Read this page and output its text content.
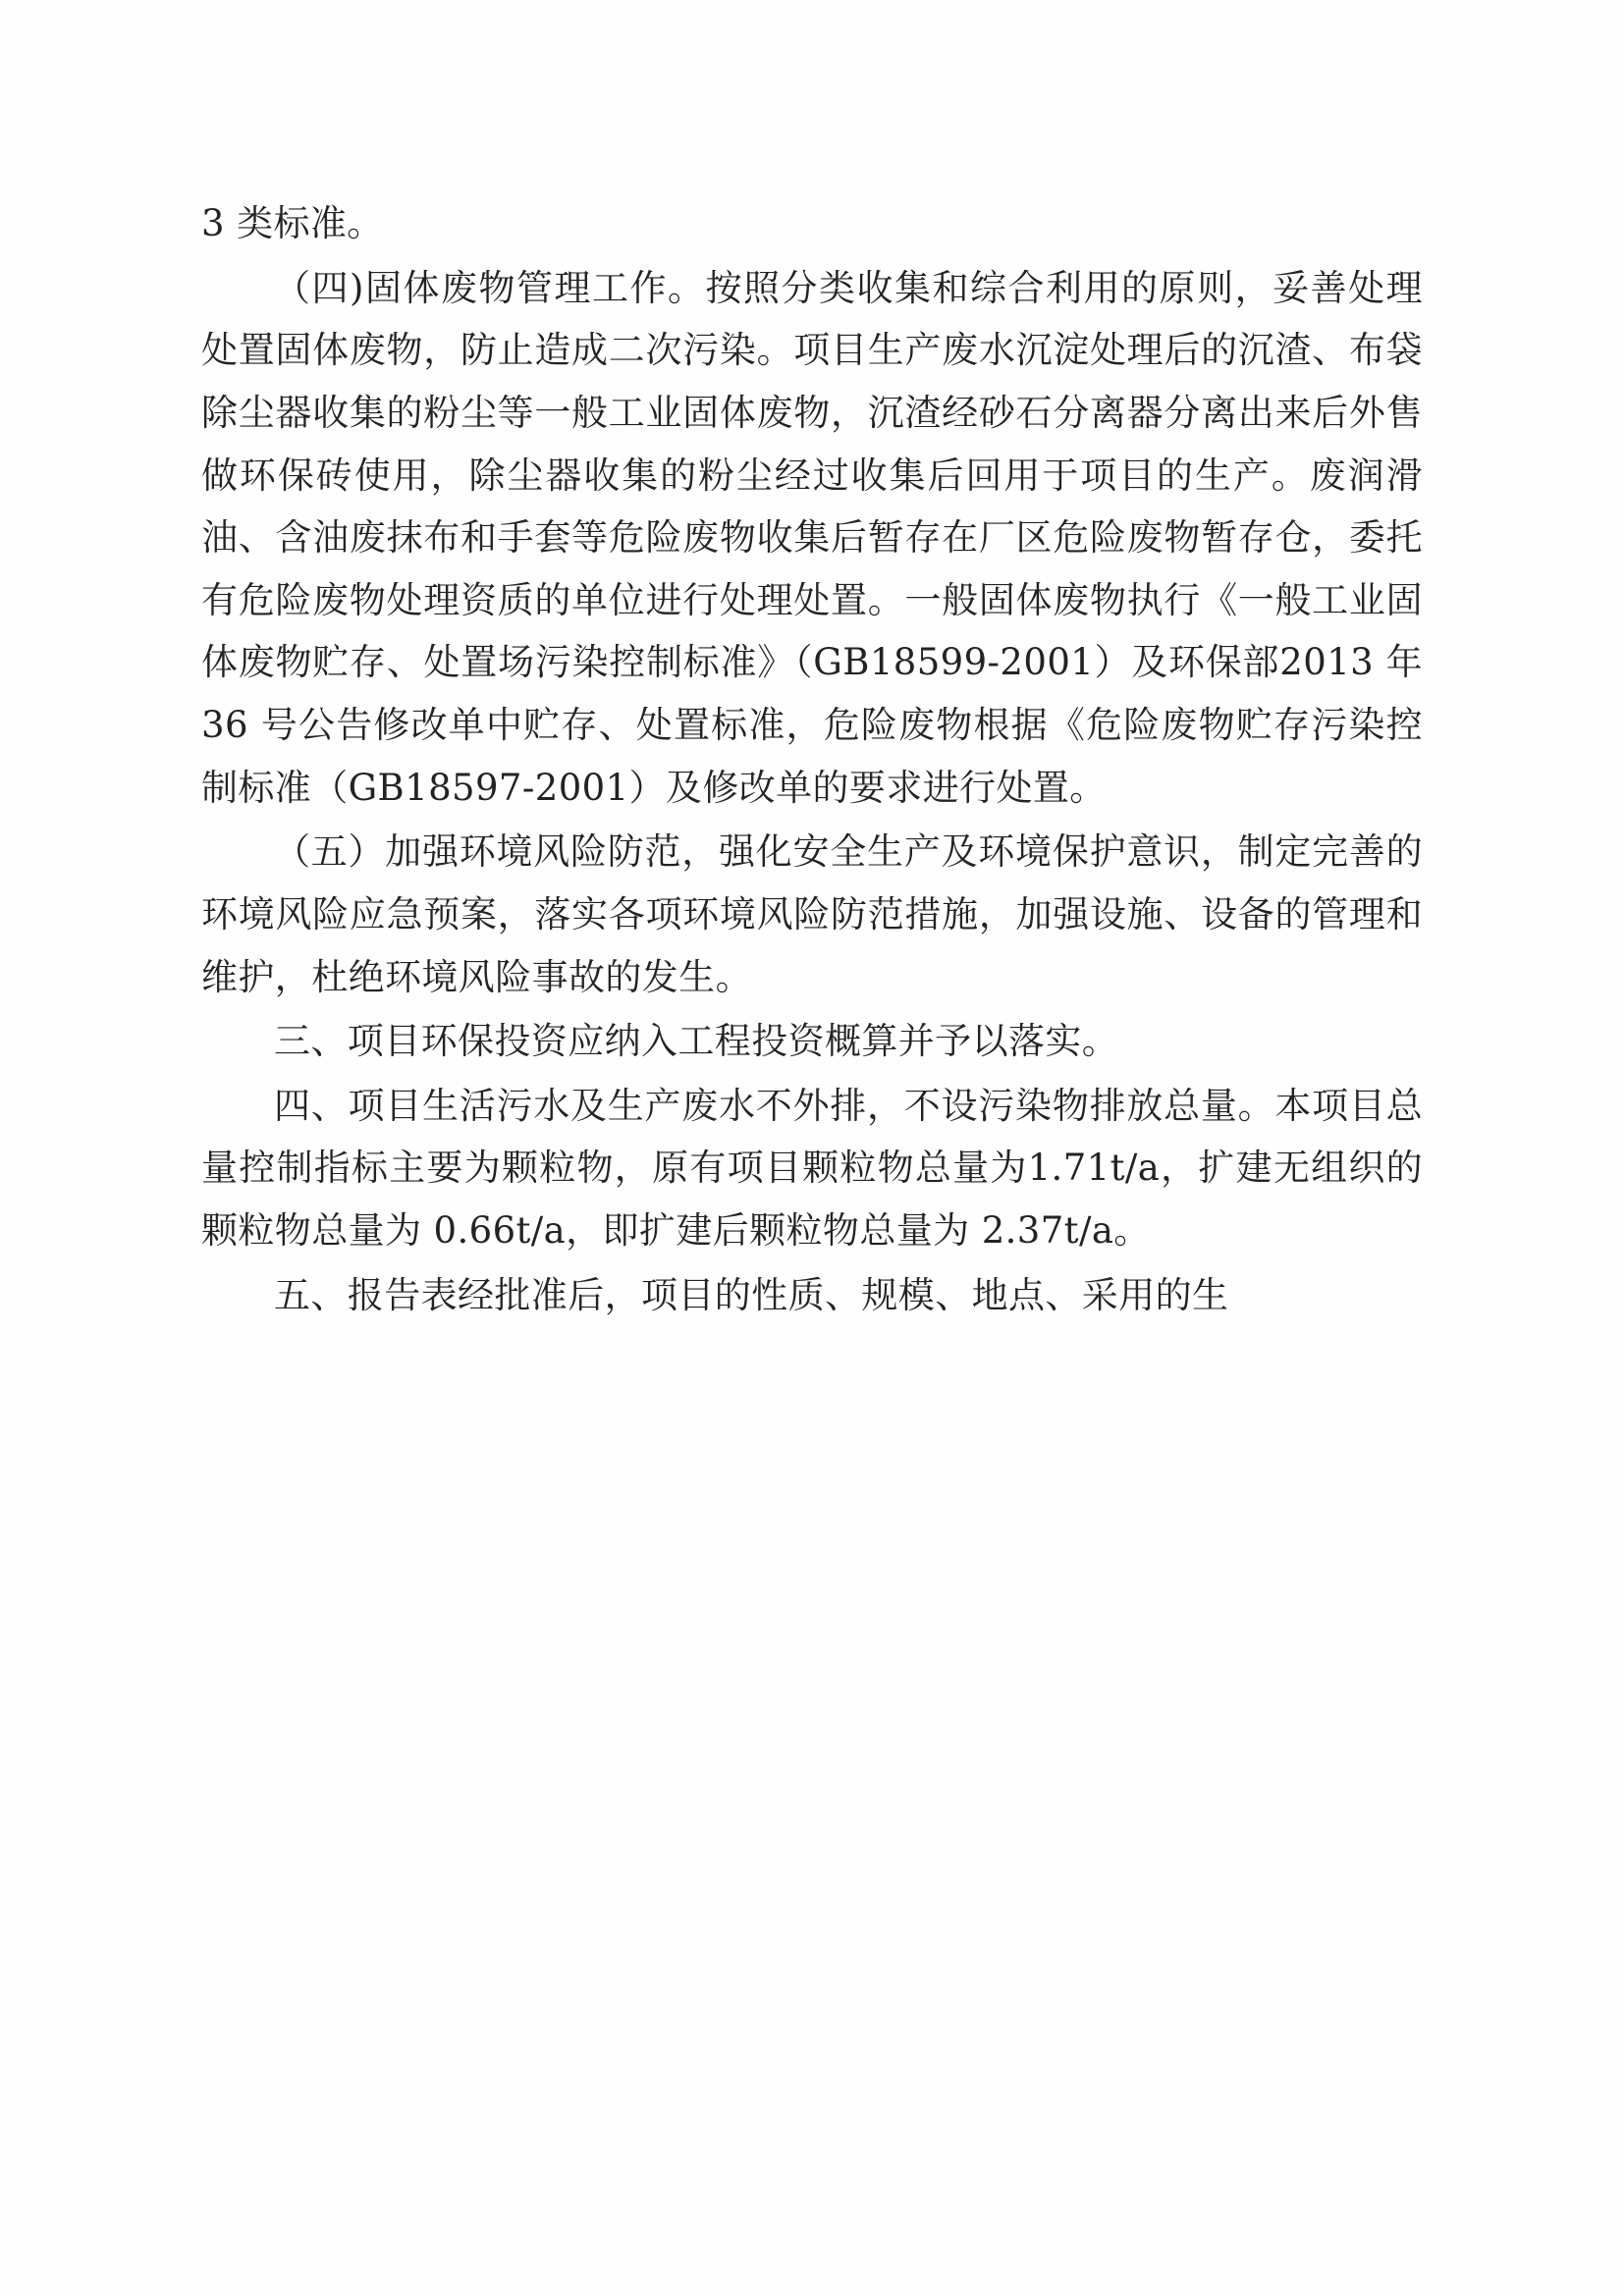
3 类标准。

（四)固体废物管理工作。按照分类收集和综合利用的原则，妥善处理处置固体废物，防止造成二次污染。项目生产废水沉淀处理后的沉渣、布袋除尘器收集的粉尘等一般工业固体废物，沉渣经砂石分离器分离出来后外售做环保砖使用，除尘器收集的粉尘经过收集后回用于项目的生产。废润滑油、含油废抹布和手套等危险废物收集后暂存在厂区危险废物暂存仓，委托有危险废物处理资质的单位进行处理处置。一般固体废物执行《一般工业固体废物贮存、处置场污染控制标准》（GB18599-2001）及环保部2013 年 36 号公告修改单中贮存、处置标准，危险废物根据《危险废物贮存污染控制标准（GB18597-2001）及修改单的要求进行处置。

（五）加强环境风险防范，强化安全生产及环境保护意识，制定完善的环境风险应急预案，落实各项环境风险防范措施，加强设施、设备的管理和维护，杜绝环境风险事故的发生。

三、项目环保投资应纳入工程投资概算并予以落实。

四、项目生活污水及生产废水不外排，不设污染物排放总量。本项目总量控制指标主要为颗粒物，原有项目颗粒物总量为1.71t/a，扩建无组织的颗粒物总量为 0.66t/a，即扩建后颗粒物总量为 2.37t/a。

五、报告表经批准后，项目的性质、规模、地点、采用的生
